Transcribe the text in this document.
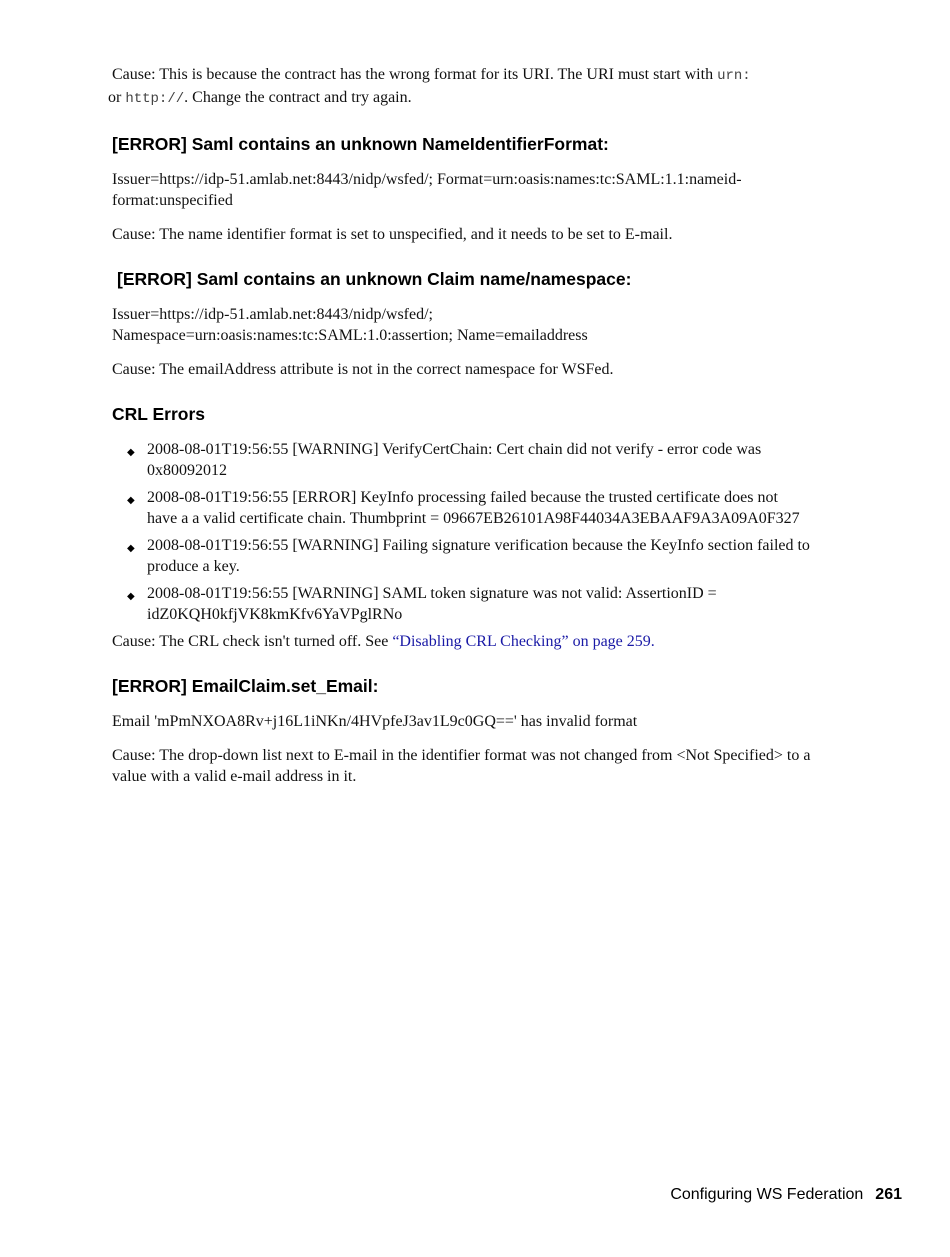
Cause: This is because the contract has the wrong format for its URI. The URI must start with urn:
or http://. Change the contract and try again.

[ERROR] Saml contains an unknown NameIdentifierFormat:

Issuer=https://idp-51.amlab.net:8443/nidp/wsfed/; Format=urn:oasis:names:tc:SAML:1.1:nameid-format:unspecified

Cause: The name identifier format is set to unspecified, and it needs to be set to E-mail.

[ERROR] Saml contains an unknown Claim name/namespace:

Issuer=https://idp-51.amlab.net:8443/nidp/wsfed/;
Namespace=urn:oasis:names:tc:SAML:1.0:assertion; Name=emailaddress

Cause: The emailAddress attribute is not in the correct namespace for WSFed.

CRL Errors
◆ 2008-08-01T19:56:55 [WARNING] VerifyCertChain: Cert chain did not verify - error code was 0x80092012
◆ 2008-08-01T19:56:55 [ERROR] KeyInfo processing failed because the trusted certificate does not have a a valid certificate chain. Thumbprint = 09667EB26101A98F44034A3EBAAF9A3A09A0F327
◆ 2008-08-01T19:56:55 [WARNING] Failing signature verification because the KeyInfo section failed to produce a key.
◆ 2008-08-01T19:56:55 [WARNING] SAML token signature was not valid: AssertionID = idZ0KQH0kfjVK8kmKfv6YaVPglRNo

Cause: The CRL check isn't turned off. See “Disabling CRL Checking” on page 259.

[ERROR] EmailClaim.set_Email:

Email 'mPmNXOA8Rv+j16L1iNKn/4HVpfeJ3av1L9c0GQ==' has invalid format

Cause: The drop-down list next to E-mail in the identifier format was not changed from <Not Specified> to a value with a valid e-mail address in it.

Configuring WS Federation 261
